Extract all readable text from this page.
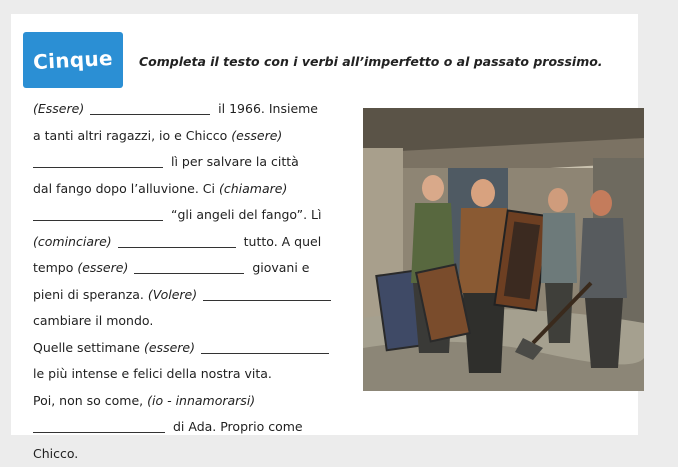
Cinque	Completa il testo con i verbi all’imperfetto o al passato prossimo.
(Essere)	il 1966. Insieme
a tanti altri ragazzi, io e Chicco (essere)
lì per salvare la città
dal fango dopo l’alluvione. Ci (chiamare)
“gli angeli del fango”. Lì
(cominciare)	tutto. A quel
tempo (essere)	giovani e
pieni di speranza. (Volere)
cambiare il mondo.
Quelle settimane (essere)
le più intense e felici della nostra vita.
Poi, non so come, (io - innamorarsi)
di Ada. Proprio come
Chicco.
